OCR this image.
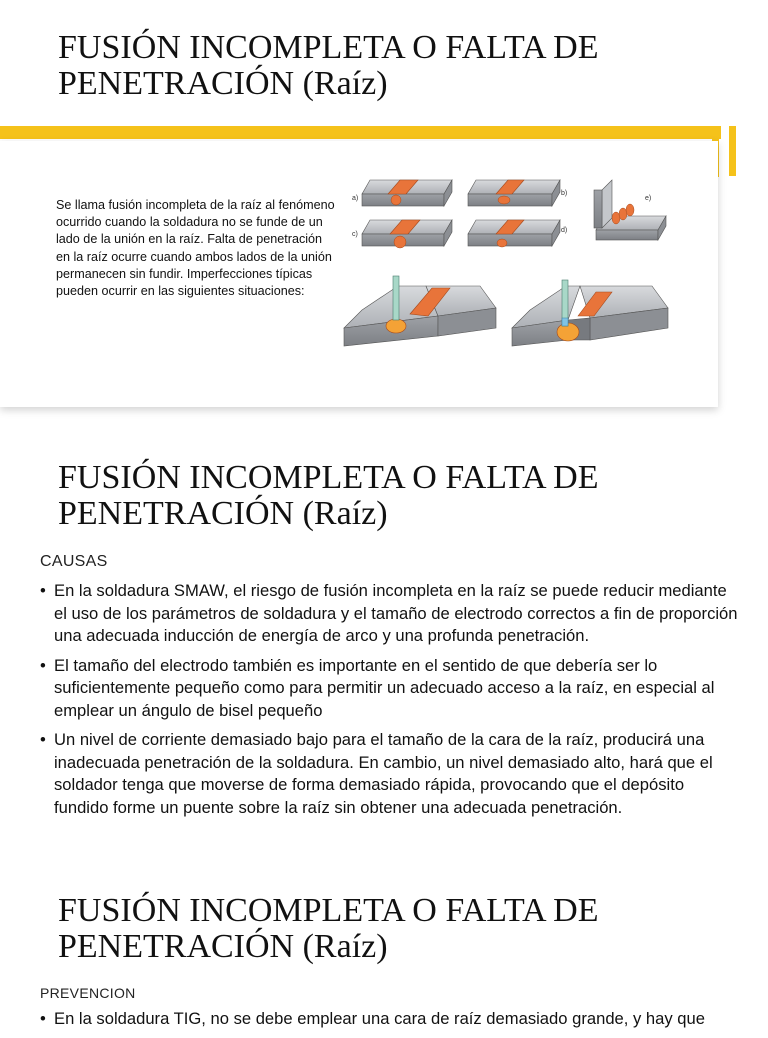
FUSIÓN INCOMPLETA O FALTA DE
PENETRACIÓN (Raíz)
Se llama fusión incompleta de la raíz al fenómeno ocurrido cuando la soldadura no se funde de un lado de la unión en la raíz. Falta de penetración en la raíz ocurre cuando ambos lados de la unión permanecen sin fundir. Imperfecciones típicas pueden ocurrir en las siguientes situaciones:
a)
b)
c)
d)
e)
FUSIÓN INCOMPLETA O FALTA DE
PENETRACIÓN (Raíz)
CAUSAS
• En la soldadura SMAW, el riesgo de fusión incompleta en la raíz se puede reducir mediante el uso de los parámetros de soldadura y el tamaño de electrodo correctos a fin de proporción una adecuada inducción de energía de arco y una profunda penetración.
• El tamaño del electrodo también es importante en el sentido de que debería ser lo suficientemente pequeño como para permitir un adecuado acceso a la raíz, en especial al emplear un ángulo de bisel pequeño
• Un nivel de corriente demasiado bajo para el tamaño de la cara de la raíz, producirá una inadecuada penetración de la soldadura. En cambio, un nivel demasiado alto, hará que el soldador tenga que moverse de forma demasiado rápida, provocando que el depósito fundido forme un puente sobre la raíz sin obtener una adecuada penetración.
FUSIÓN INCOMPLETA O FALTA DE
PENETRACIÓN (Raíz)
PREVENCION
• En la soldadura TIG, no se debe emplear una cara de raíz demasiado grande, y hay que
